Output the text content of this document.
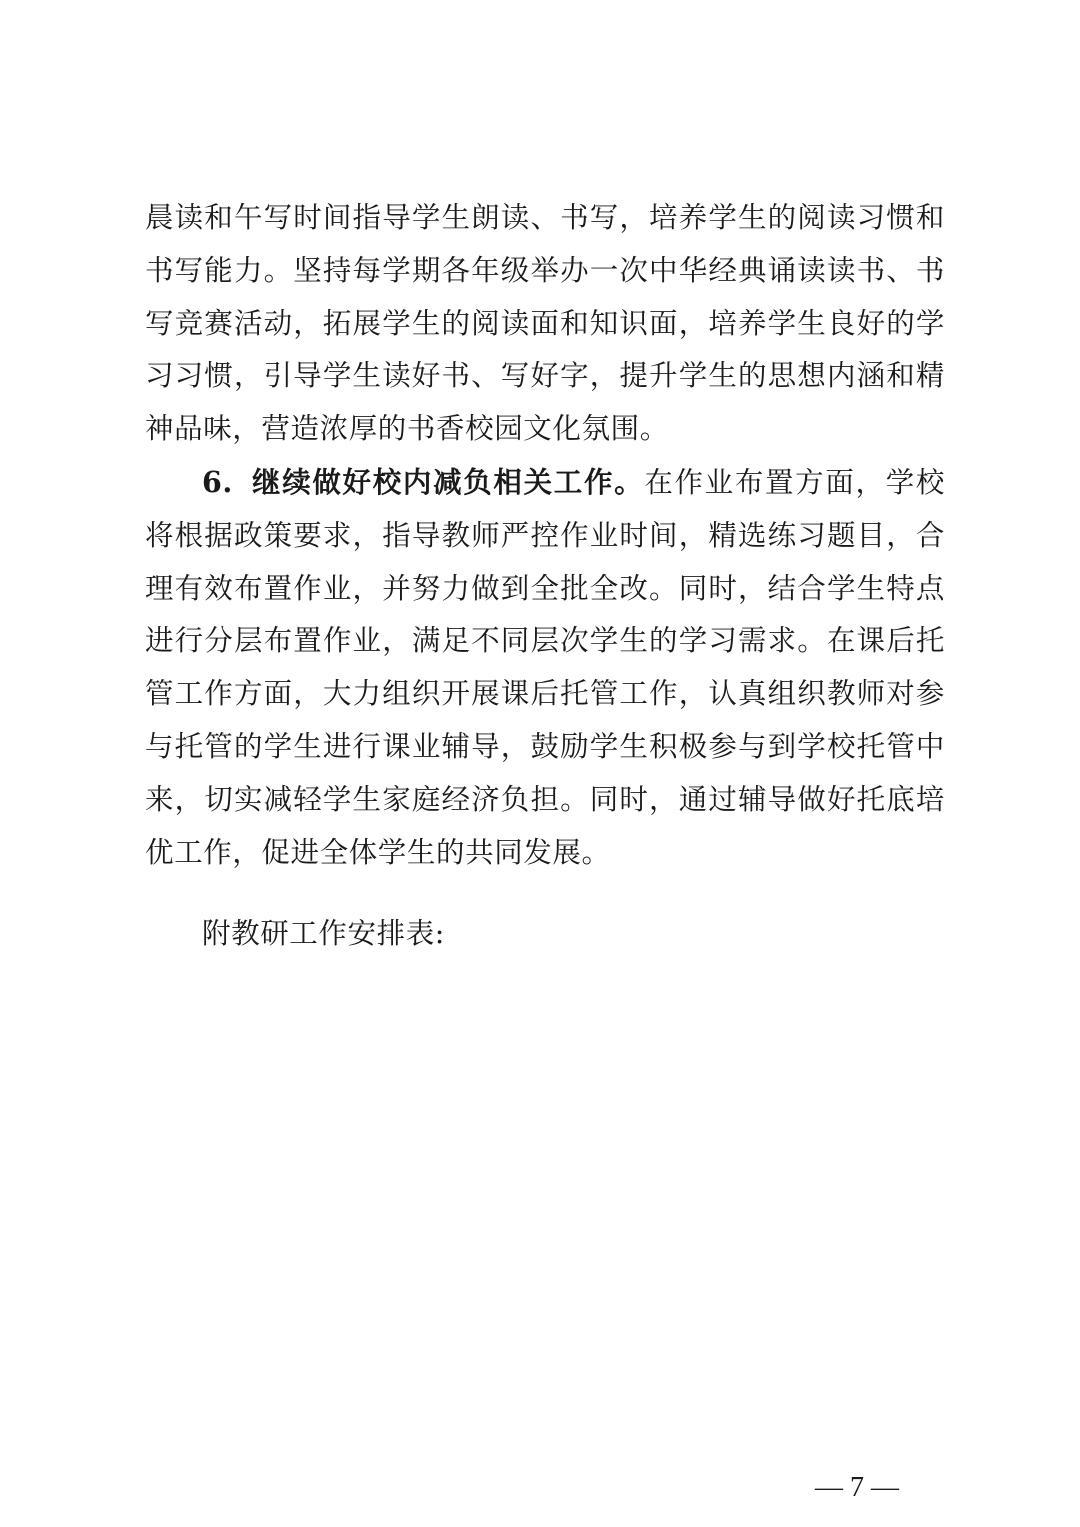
晨读和午写时间指导学生朗读、书写，培养学生的阅读习惯和书写能力。坚持每学期各年级举办一次中华经典诵读读书、书写竞赛活动，拓展学生的阅读面和知识面，培养学生良好的学习习惯，引导学生读好书、写好字，提升学生的思想内涵和精神品味，营造浓厚的书香校园文化氛围。

6. 继续做好校内减负相关工作。在作业布置方面，学校将根据政策要求，指导教师严控作业时间，精选练习题目，合理有效布置作业，并努力做到全批全改。同时，结合学生特点进行分层布置作业，满足不同层次学生的学习需求。在课后托管工作方面，大力组织开展课后托管工作，认真组织教师对参与托管的学生进行课业辅导，鼓励学生积极参与到学校托管中来，切实减轻学生家庭经济负担。同时，通过辅导做好托底培优工作，促进全体学生的共同发展。

附教研工作安排表:

— 7 —
